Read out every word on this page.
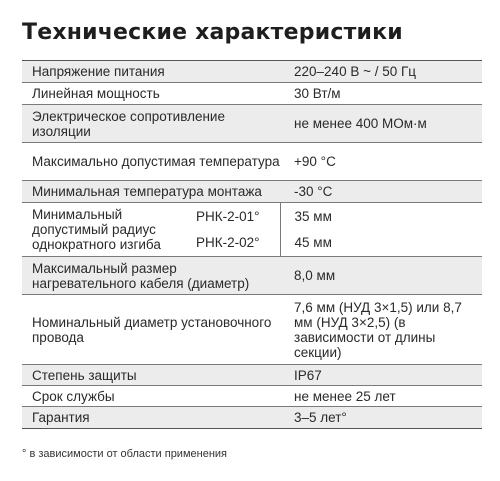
Технические характеристики
Напряжение питания		220–240 В ~ / 50 Гц
Линейная мощность		30 Вт/м
Электрическое сопротивление изоляции		не менее 400 МОм·м
Максимально допустимая температура		+90 °С
Минимальная температура монтажа		-30 °С
Минимальный допустимый радиус однократного изгиба	РНК-2-01°	35 мм
	РНК-2-02°	45 мм
Максимальный размер нагревательного кабеля (диаметр)		8,0 мм
Номинальный диаметр установочного провода		7,6 мм (НУД 3×1,5) или 8,7 мм (НУД 3×2,5) (в зависимости от длины секции)
Степень защиты		IP67
Срок службы		не менее 25 лет
Гарантия		3–5 лет°
° в зависимости от области применения
